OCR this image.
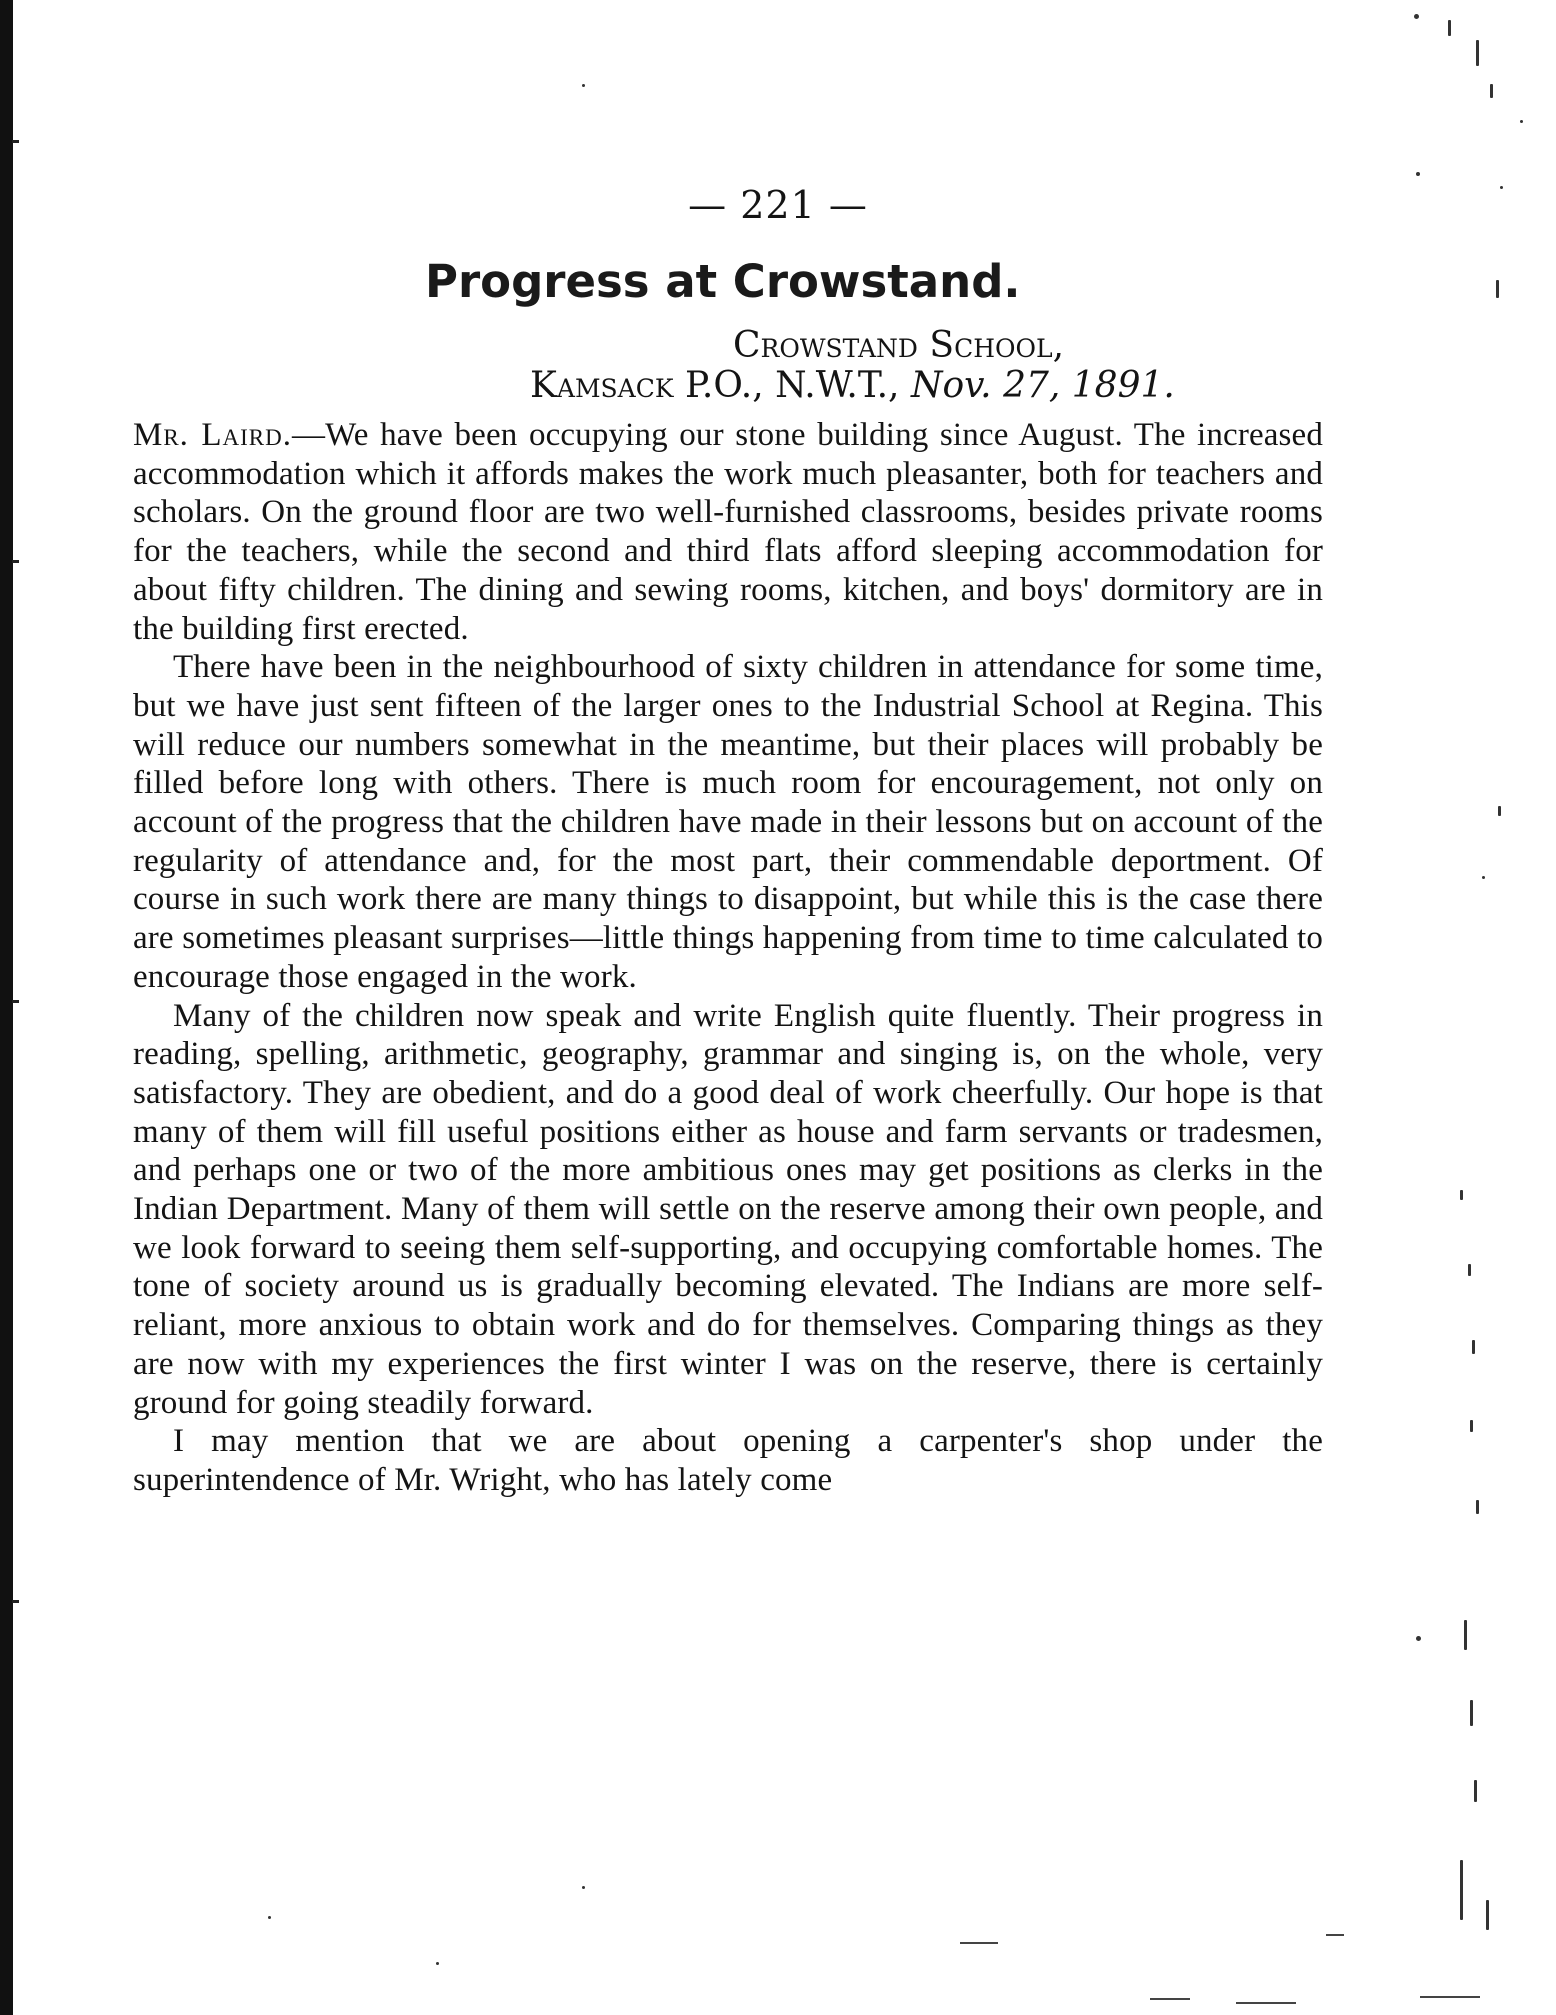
— 221 —
Progress at Crowstand.
Crowstand School,
Kamsack P.O., N.W.T., Nov. 27, 1891.

Mr. Laird.—We have been occupying our stone building since August. The increased accommodation which it affords makes the work much pleasanter, both for teachers and scholars. On the ground floor are two well-furnished classrooms, besides private rooms for the teachers, while the second and third flats afford sleeping accommodation for about fifty children. The dining and sewing rooms, kitchen, and boys' dormitory are in the building first erected.

There have been in the neighbourhood of sixty children in attendance for some time, but we have just sent fifteen of the larger ones to the Industrial School at Regina. This will reduce our numbers somewhat in the meantime, but their places will probably be filled before long with others. There is much room for encouragement, not only on account of the progress that the children have made in their lessons but on account of the regularity of attendance and, for the most part, their commendable deportment. Of course in such work there are many things to disappoint, but while this is the case there are sometimes pleasant surprises—little things happening from time to time calculated to encourage those engaged in the work.

Many of the children now speak and write English quite fluently. Their progress in reading, spelling, arithmetic, geography, grammar and singing is, on the whole, very satisfactory. They are obedient, and do a good deal of work cheerfully. Our hope is that many of them will fill useful positions either as house and farm servants or tradesmen, and perhaps one or two of the more ambitious ones may get positions as clerks in the Indian Department. Many of them will settle on the reserve among their own people, and we look forward to seeing them self-supporting, and occupying comfortable homes. The tone of society around us is gradually becoming elevated. The Indians are more self-reliant, more anxious to obtain work and do for themselves. Comparing things as they are now with my experiences the first winter I was on the reserve, there is certainly ground for going steadily forward.

I may mention that we are about opening a carpenter's shop under the superintendence of Mr. Wright, who has lately come
